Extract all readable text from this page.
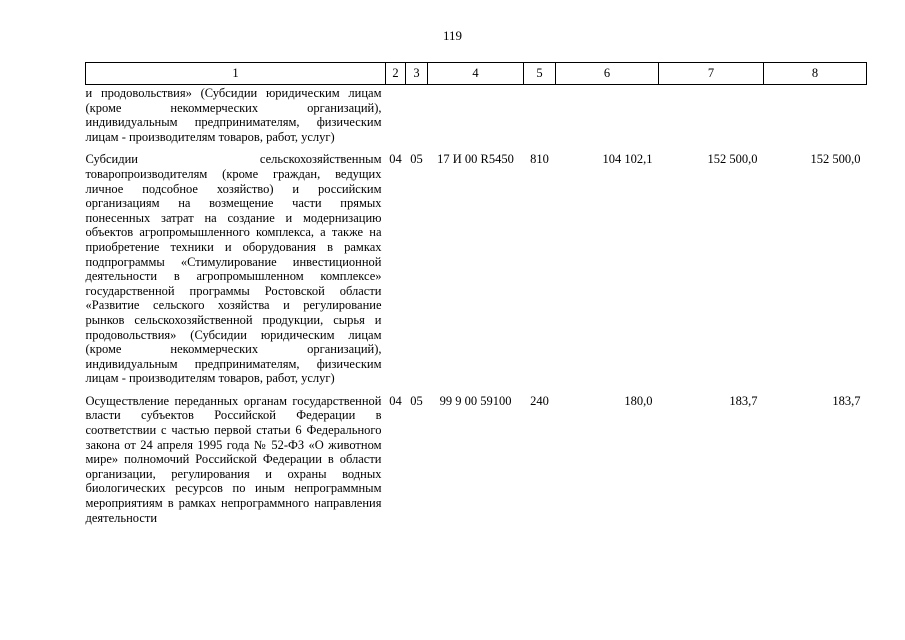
119
1	2	3	4	5	6	7	8
и продовольствия» (Субсидии юридическим лицам (кроме некоммерческих организаций), индивидуальным предпринимателям, физическим лицам - производителям товаров, работ, услуг)							
Субсидии сельскохозяйственным товаропроизводителям (кроме граждан, ведущих личное подсобное хозяйство) и российским организациям на возмещение части прямых понесенных затрат на создание и модернизацию объектов агропромышленного комплекса, а также на приобретение техники и оборудования в рамках подпрограммы «Стимулирование инвестиционной деятельности в агропромышленном комплексе» государственной программы Ростовской области «Развитие сельского хозяйства и регулирование рынков сельскохозяйственной продукции, сырья и продовольствия» (Субсидии юридическим лицам (кроме некоммерческих организаций), индивидуальным предпринимателям, физическим лицам - производителям товаров, работ, услуг)	04	05	17 И 00 R5450	810	104 102,1	152 500,0	152 500,0
Осуществление переданных органам государственной власти субъектов Российской Федерации в соответствии с частью первой статьи 6 Федерального закона от 24 апреля 1995 года № 52-ФЗ «О животном мире» полномочий Российской Федерации в области организации, регулирования и охраны водных биологических ресурсов по иным непрограммным мероприятиям в рамках непрограммного направления деятельности	04	05	99 9 00 59100	240	180,0	183,7	183,7
